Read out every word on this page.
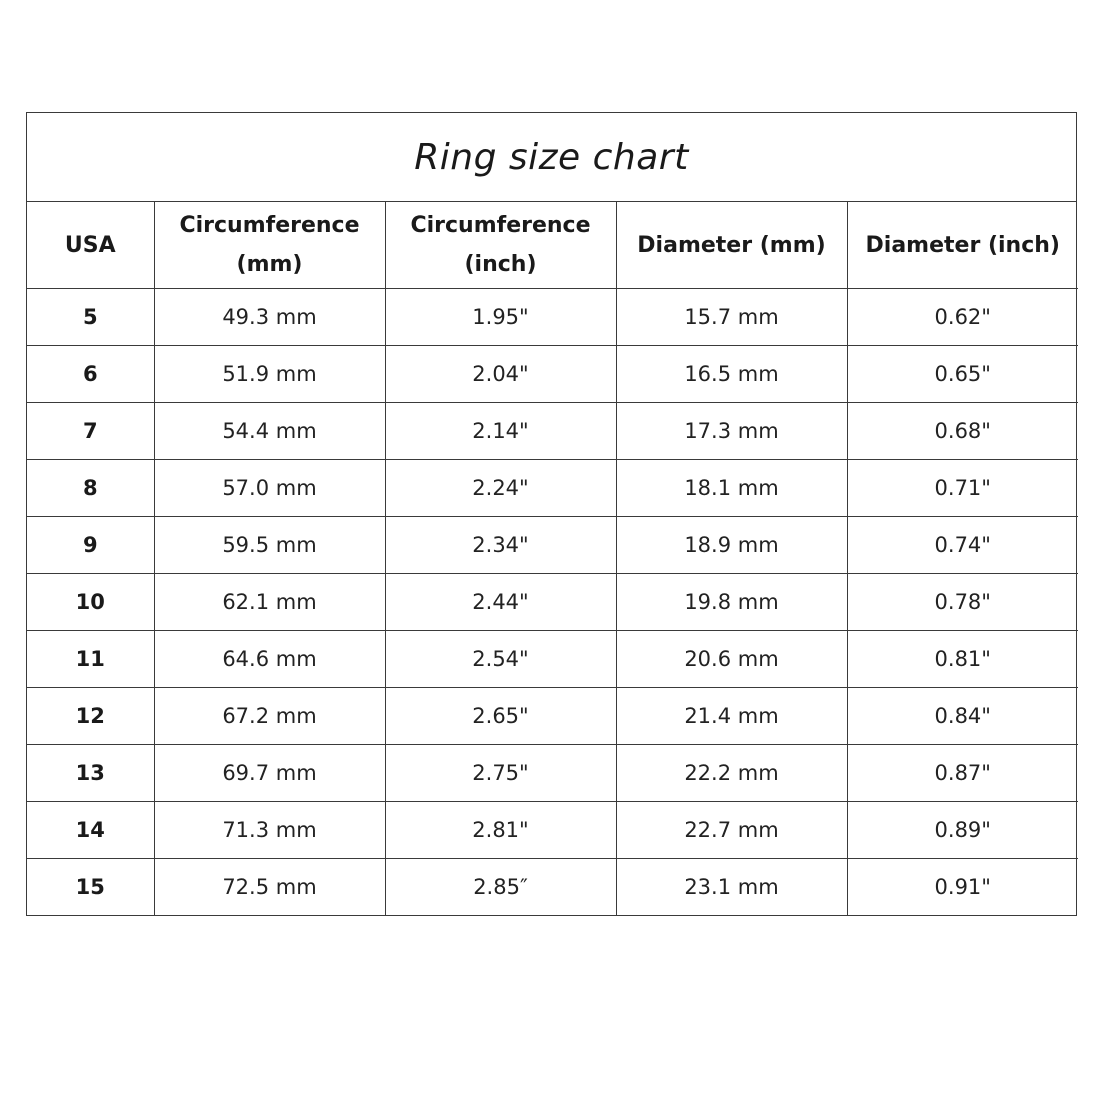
Ring size chart
USA	Circumference (mm)	Circumference (inch)	Diameter (mm)	Diameter (inch)
5	49.3 mm	1.95"	15.7 mm	0.62"
6	51.9 mm	2.04"	16.5 mm	0.65"
7	54.4 mm	2.14"	17.3 mm	0.68"
8	57.0 mm	2.24"	18.1 mm	0.71"
9	59.5 mm	2.34"	18.9 mm	0.74"
10	62.1 mm	2.44"	19.8 mm	0.78"
11	64.6 mm	2.54"	20.6 mm	0.81"
12	67.2 mm	2.65"	21.4 mm	0.84"
13	69.7 mm	2.75"	22.2 mm	0.87"
14	71.3 mm	2.81"	22.7 mm	0.89"
15	72.5 mm	2.85″	23.1 mm	0.91"
